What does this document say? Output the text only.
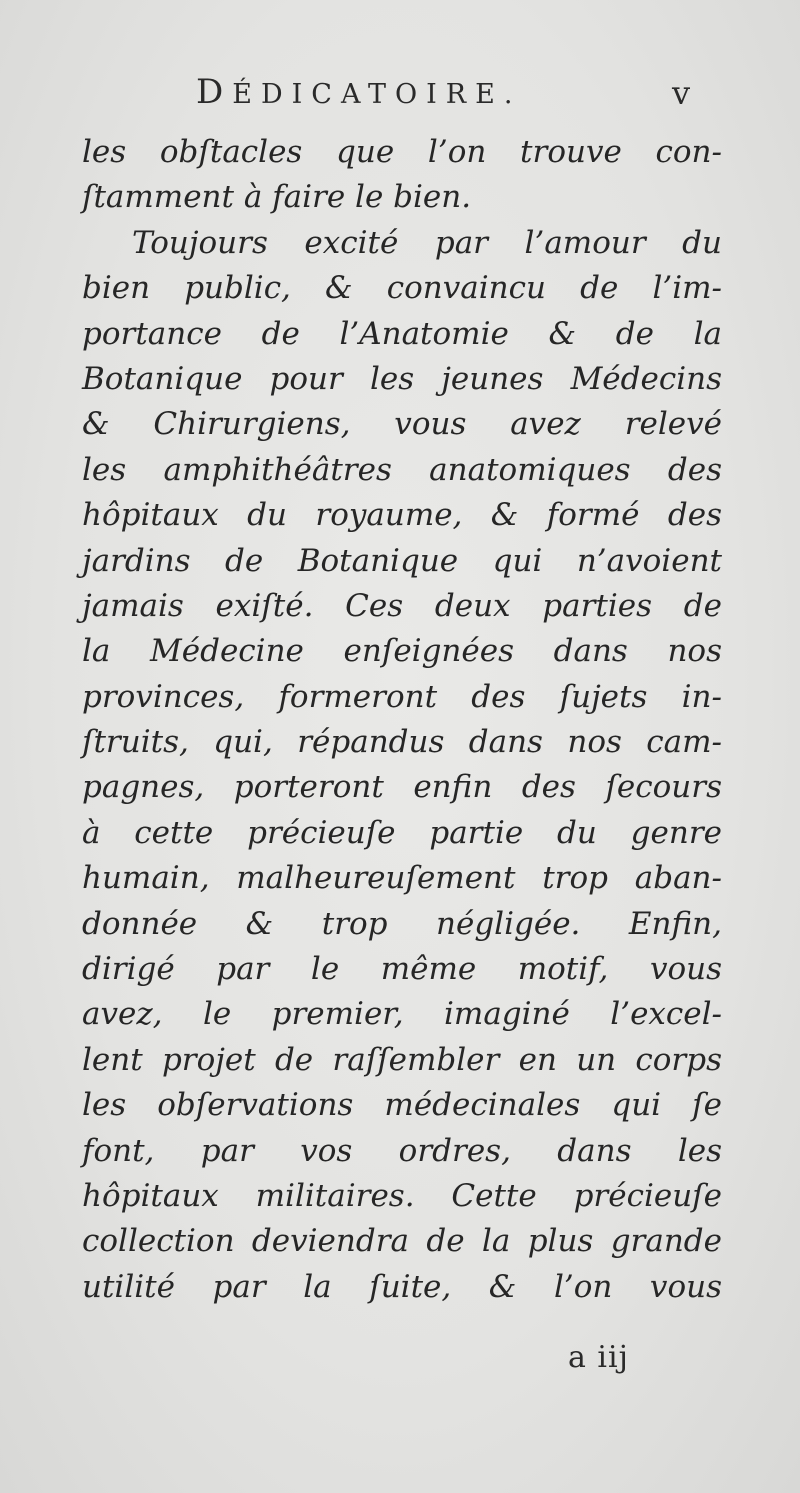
DÉDICATOIRE.	v
les obſtacles que l’on trouve con-
ſtamment à faire le bien.
Toujours excité par l’amour du
bien public, & convaincu de l’im-
portance de l’Anatomie & de la
Botanique pour les jeunes Médecins
& Chirurgiens, vous avez relevé
les amphithéâtres anatomiques des
hôpitaux du royaume, & formé des
jardins de Botanique qui n’avoient
jamais exiſté. Ces deux parties de
la Médecine enſeignées dans nos
provinces, formeront des ſujets in-
ſtruits, qui, répandus dans nos cam-
pagnes, porteront enfin des ſecours
à cette précieuſe partie du genre
humain, malheureuſement trop aban-
donnée & trop négligée. Enfin,
dirigé par le même motif, vous
avez, le premier, imaginé l’excel-
lent projet de raſſembler en un corps
les obſervations médecinales qui ſe
font, par vos ordres, dans les
hôpitaux militaires. Cette précieuſe
collection deviendra de la plus grande
utilité par la ſuite, & l’on vous
a iij
